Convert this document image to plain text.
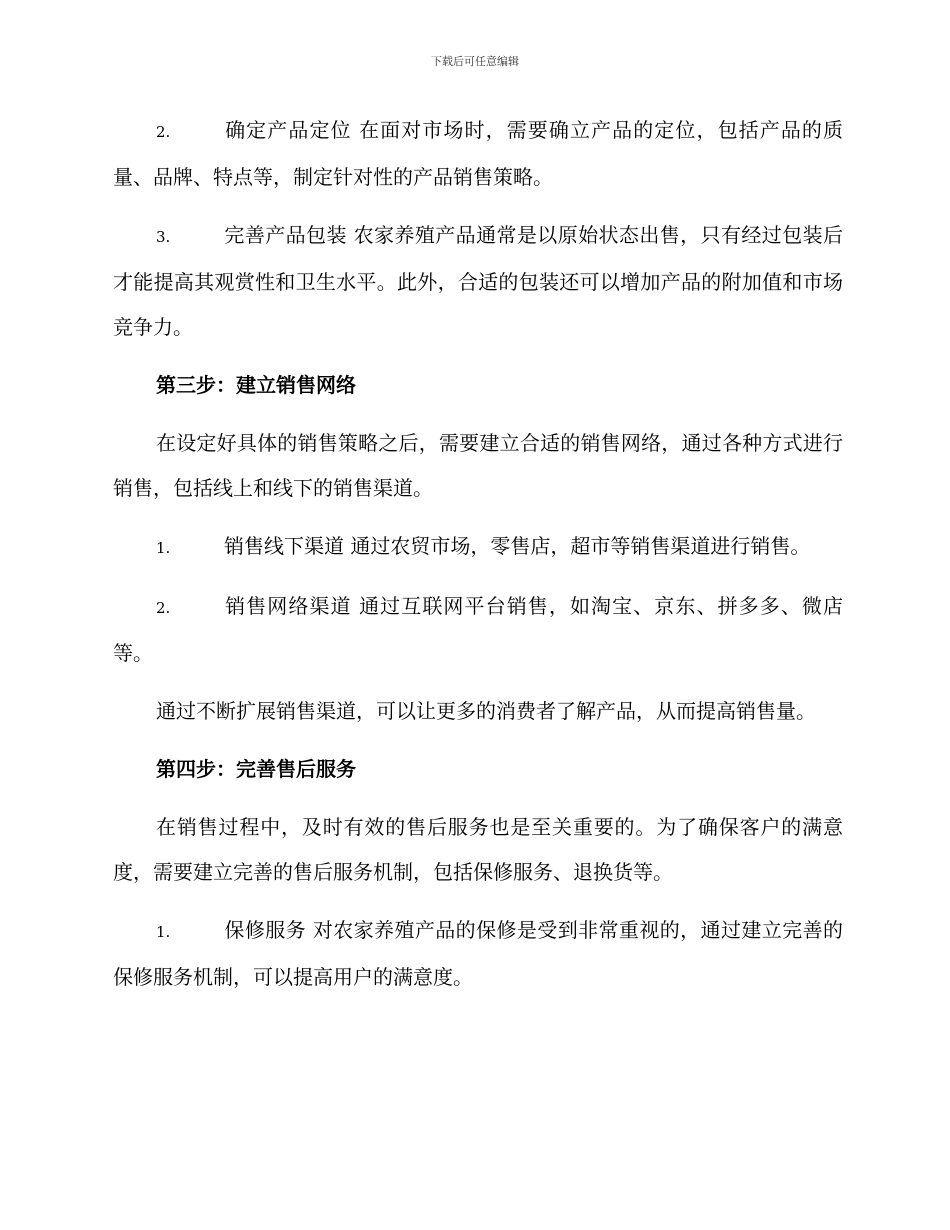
下载后可任意编辑

2.	确定产品定位 在面对市场时，需要确立产品的定位，包括产品的质量、品牌、特点等，制定针对性的产品销售策略。

3.	完善产品包装 农家养殖产品通常是以原始状态出售，只有经过包装后才能提高其观赏性和卫生水平。此外，合适的包装还可以增加产品的附加值和市场竞争力。

第三步：建立销售网络

在设定好具体的销售策略之后，需要建立合适的销售网络，通过各种方式进行销售，包括线上和线下的销售渠道。

1.	销售线下渠道 通过农贸市场，零售店，超市等销售渠道进行销售。

2.	销售网络渠道 通过互联网平台销售，如淘宝、京东、拼多多、微店等。

通过不断扩展销售渠道，可以让更多的消费者了解产品，从而提高销售量。

第四步：完善售后服务

在销售过程中，及时有效的售后服务也是至关重要的。为了确保客户的满意度，需要建立完善的售后服务机制，包括保修服务、退换货等。

1.	保修服务 对农家养殖产品的保修是受到非常重视的，通过建立完善的保修服务机制，可以提高用户的满意度。
